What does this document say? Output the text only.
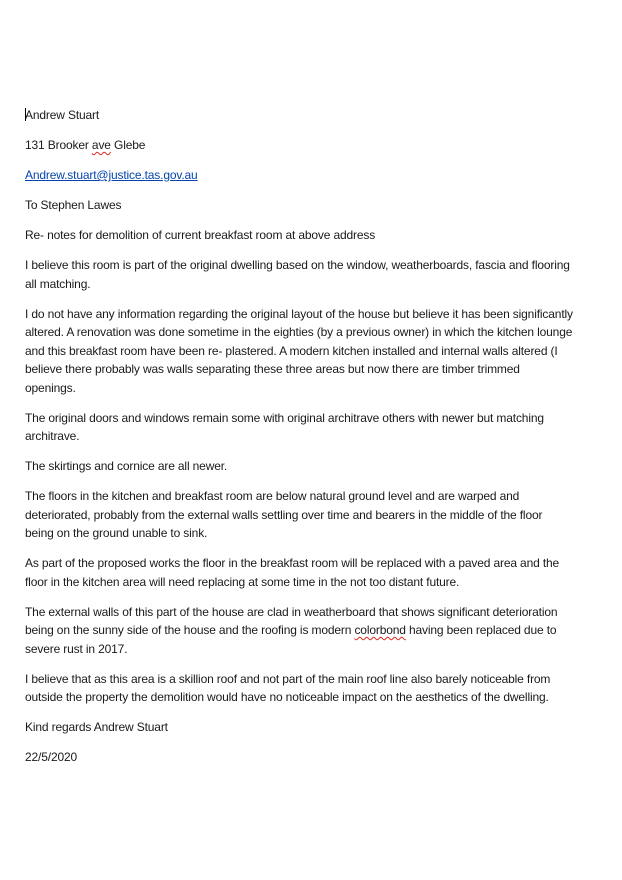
Andrew Stuart

131 Brooker ave Glebe

Andrew.stuart@justice.tas.gov.au

To Stephen Lawes

Re- notes for demolition of current breakfast room at above address

I believe this room is part of the original dwelling based on the window, weatherboards, fascia and flooring all matching.

I do not have any information regarding the original layout of the house but believe it has been significantly altered. A renovation was done sometime in the eighties (by a previous owner) in which the kitchen lounge and this breakfast room have been re- plastered. A modern kitchen installed and internal walls altered (I believe there probably was walls separating these three areas but now there are timber trimmed openings.

The original doors and windows remain some with original architrave others with newer but matching architrave.

The skirtings and cornice are all newer.

The floors in the kitchen and breakfast room are below natural ground level and are warped and deteriorated, probably from the external walls settling over time and bearers in the middle of the floor being on the ground unable to sink.

As part of the proposed works the floor in the breakfast room will be replaced with a paved area and the floor in the kitchen area will need replacing at some time in the not too distant future.

The external walls of this part of the house are clad in weatherboard that shows significant deterioration being on the sunny side of the house and the roofing is modern colorbond having been replaced due to severe rust in 2017.

I believe that as this area is a skillion roof and not part of the main roof line also barely noticeable from outside the property the demolition would have no noticeable impact on the aesthetics of the dwelling.

Kind regards Andrew Stuart

22/5/2020
